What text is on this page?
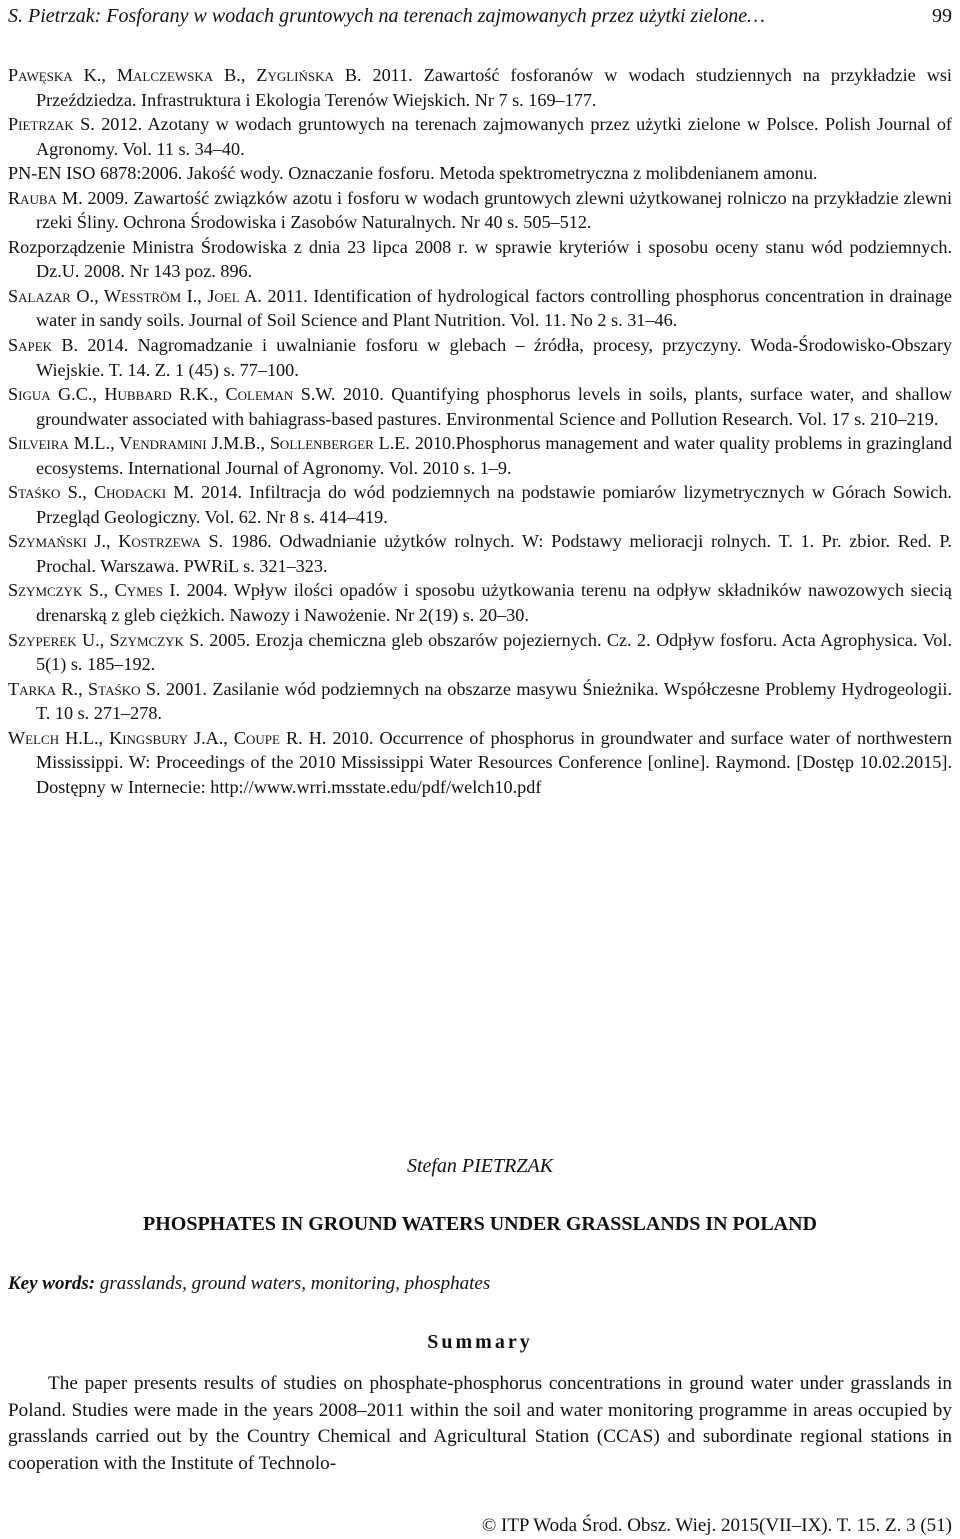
S. Pietrzak: Fosforany w wodach gruntowych na terenach zajmowanych przez użytki zielone…	99

Pawęska K., Malczewska B., Zyglińska B. 2011. Zawartość fosforanów w wodach studziennych na przykładzie wsi Przeździedza. Infrastruktura i Ekologia Terenów Wiejskich. Nr 7 s. 169–177.

Pietrzak S. 2012. Azotany w wodach gruntowych na terenach zajmowanych przez użytki zielone w Polsce. Polish Journal of Agronomy. Vol. 11 s. 34–40.

PN-EN ISO 6878:2006. Jakość wody. Oznaczanie fosforu. Metoda spektrometryczna z molibdenianem amonu.

Rauba M. 2009. Zawartość związków azotu i fosforu w wodach gruntowych zlewni użytkowanej rolniczo na przykładzie zlewni rzeki Śliny. Ochrona Środowiska i Zasobów Naturalnych. Nr 40 s. 505–512.

Rozporządzenie Ministra Środowiska z dnia 23 lipca 2008 r. w sprawie kryteriów i sposobu oceny stanu wód podziemnych. Dz.U. 2008. Nr 143 poz. 896.

Salazar O., Wesström I., Joel A. 2011. Identification of hydrological factors controlling phosphorus concentration in drainage water in sandy soils. Journal of Soil Science and Plant Nutrition. Vol. 11. No 2 s. 31–46.

Sapek B. 2014. Nagromadzanie i uwalnianie fosforu w glebach – źródła, procesy, przyczyny. Woda-Środowisko-Obszary Wiejskie. T. 14. Z. 1 (45) s. 77–100.

Sigua G.C., Hubbard R.K., Coleman S.W. 2010. Quantifying phosphorus levels in soils, plants, surface water, and shallow groundwater associated with bahiagrass-based pastures. Environmental Science and Pollution Research. Vol. 17 s. 210–219.

Silveira M.L., Vendramini J.M.B., Sollenberger L.E. 2010.Phosphorus management and water quality problems in grazingland ecosystems. International Journal of Agronomy. Vol. 2010 s. 1–9.

Staśko S., Chodacki M. 2014. Infiltracja do wód podziemnych na podstawie pomiarów lizymetrycznych w Górach Sowich. Przegląd Geologiczny. Vol. 62. Nr 8 s. 414–419.

Szymański J., Kostrzewa S. 1986. Odwadnianie użytków rolnych. W: Podstawy melioracji rolnych. T. 1. Pr. zbior. Red. P. Prochal. Warszawa. PWRiL s. 321–323.

Szymczyk S., Cymes I. 2004. Wpływ ilości opadów i sposobu użytkowania terenu na odpływ składników nawozowych siecią drenarską z gleb ciężkich. Nawozy i Nawożenie. Nr 2(19) s. 20–30.

Szyperek U., Szymczyk S. 2005. Erozja chemiczna gleb obszarów pojeziernych. Cz. 2. Odpływ fosforu. Acta Agrophysica. Vol. 5(1) s. 185–192.

Tarka R., Staśko S. 2001. Zasilanie wód podziemnych na obszarze masywu Śnieżnika. Współczesne Problemy Hydrogeologii. T. 10 s. 271–278.

Welch H.L., Kingsbury J.A., Coupe R. H. 2010. Occurrence of phosphorus in groundwater and surface water of northwestern Mississippi. W: Proceedings of the 2010 Mississippi Water Resources Conference [online]. Raymond. [Dostęp 10.02.2015]. Dostępny w Internecie: http://www.wrri.msstate.edu/pdf/welch10.pdf

Stefan PIETRZAK
PHOSPHATES IN GROUND WATERS UNDER GRASSLANDS IN POLAND
Key words: grasslands, ground waters, monitoring, phosphates
Summary

The paper presents results of studies on phosphate-phosphorus concentrations in ground water under grasslands in Poland. Studies were made in the years 2008–2011 within the soil and water monitoring programme in areas occupied by grasslands carried out by the Country Chemical and Agricultural Station (CCAS) and subordinate regional stations in cooperation with the Institute of Technolo-

© ITP Woda Środ. Obsz. Wiej. 2015(VII–IX). T. 15. Z. 3 (51)
